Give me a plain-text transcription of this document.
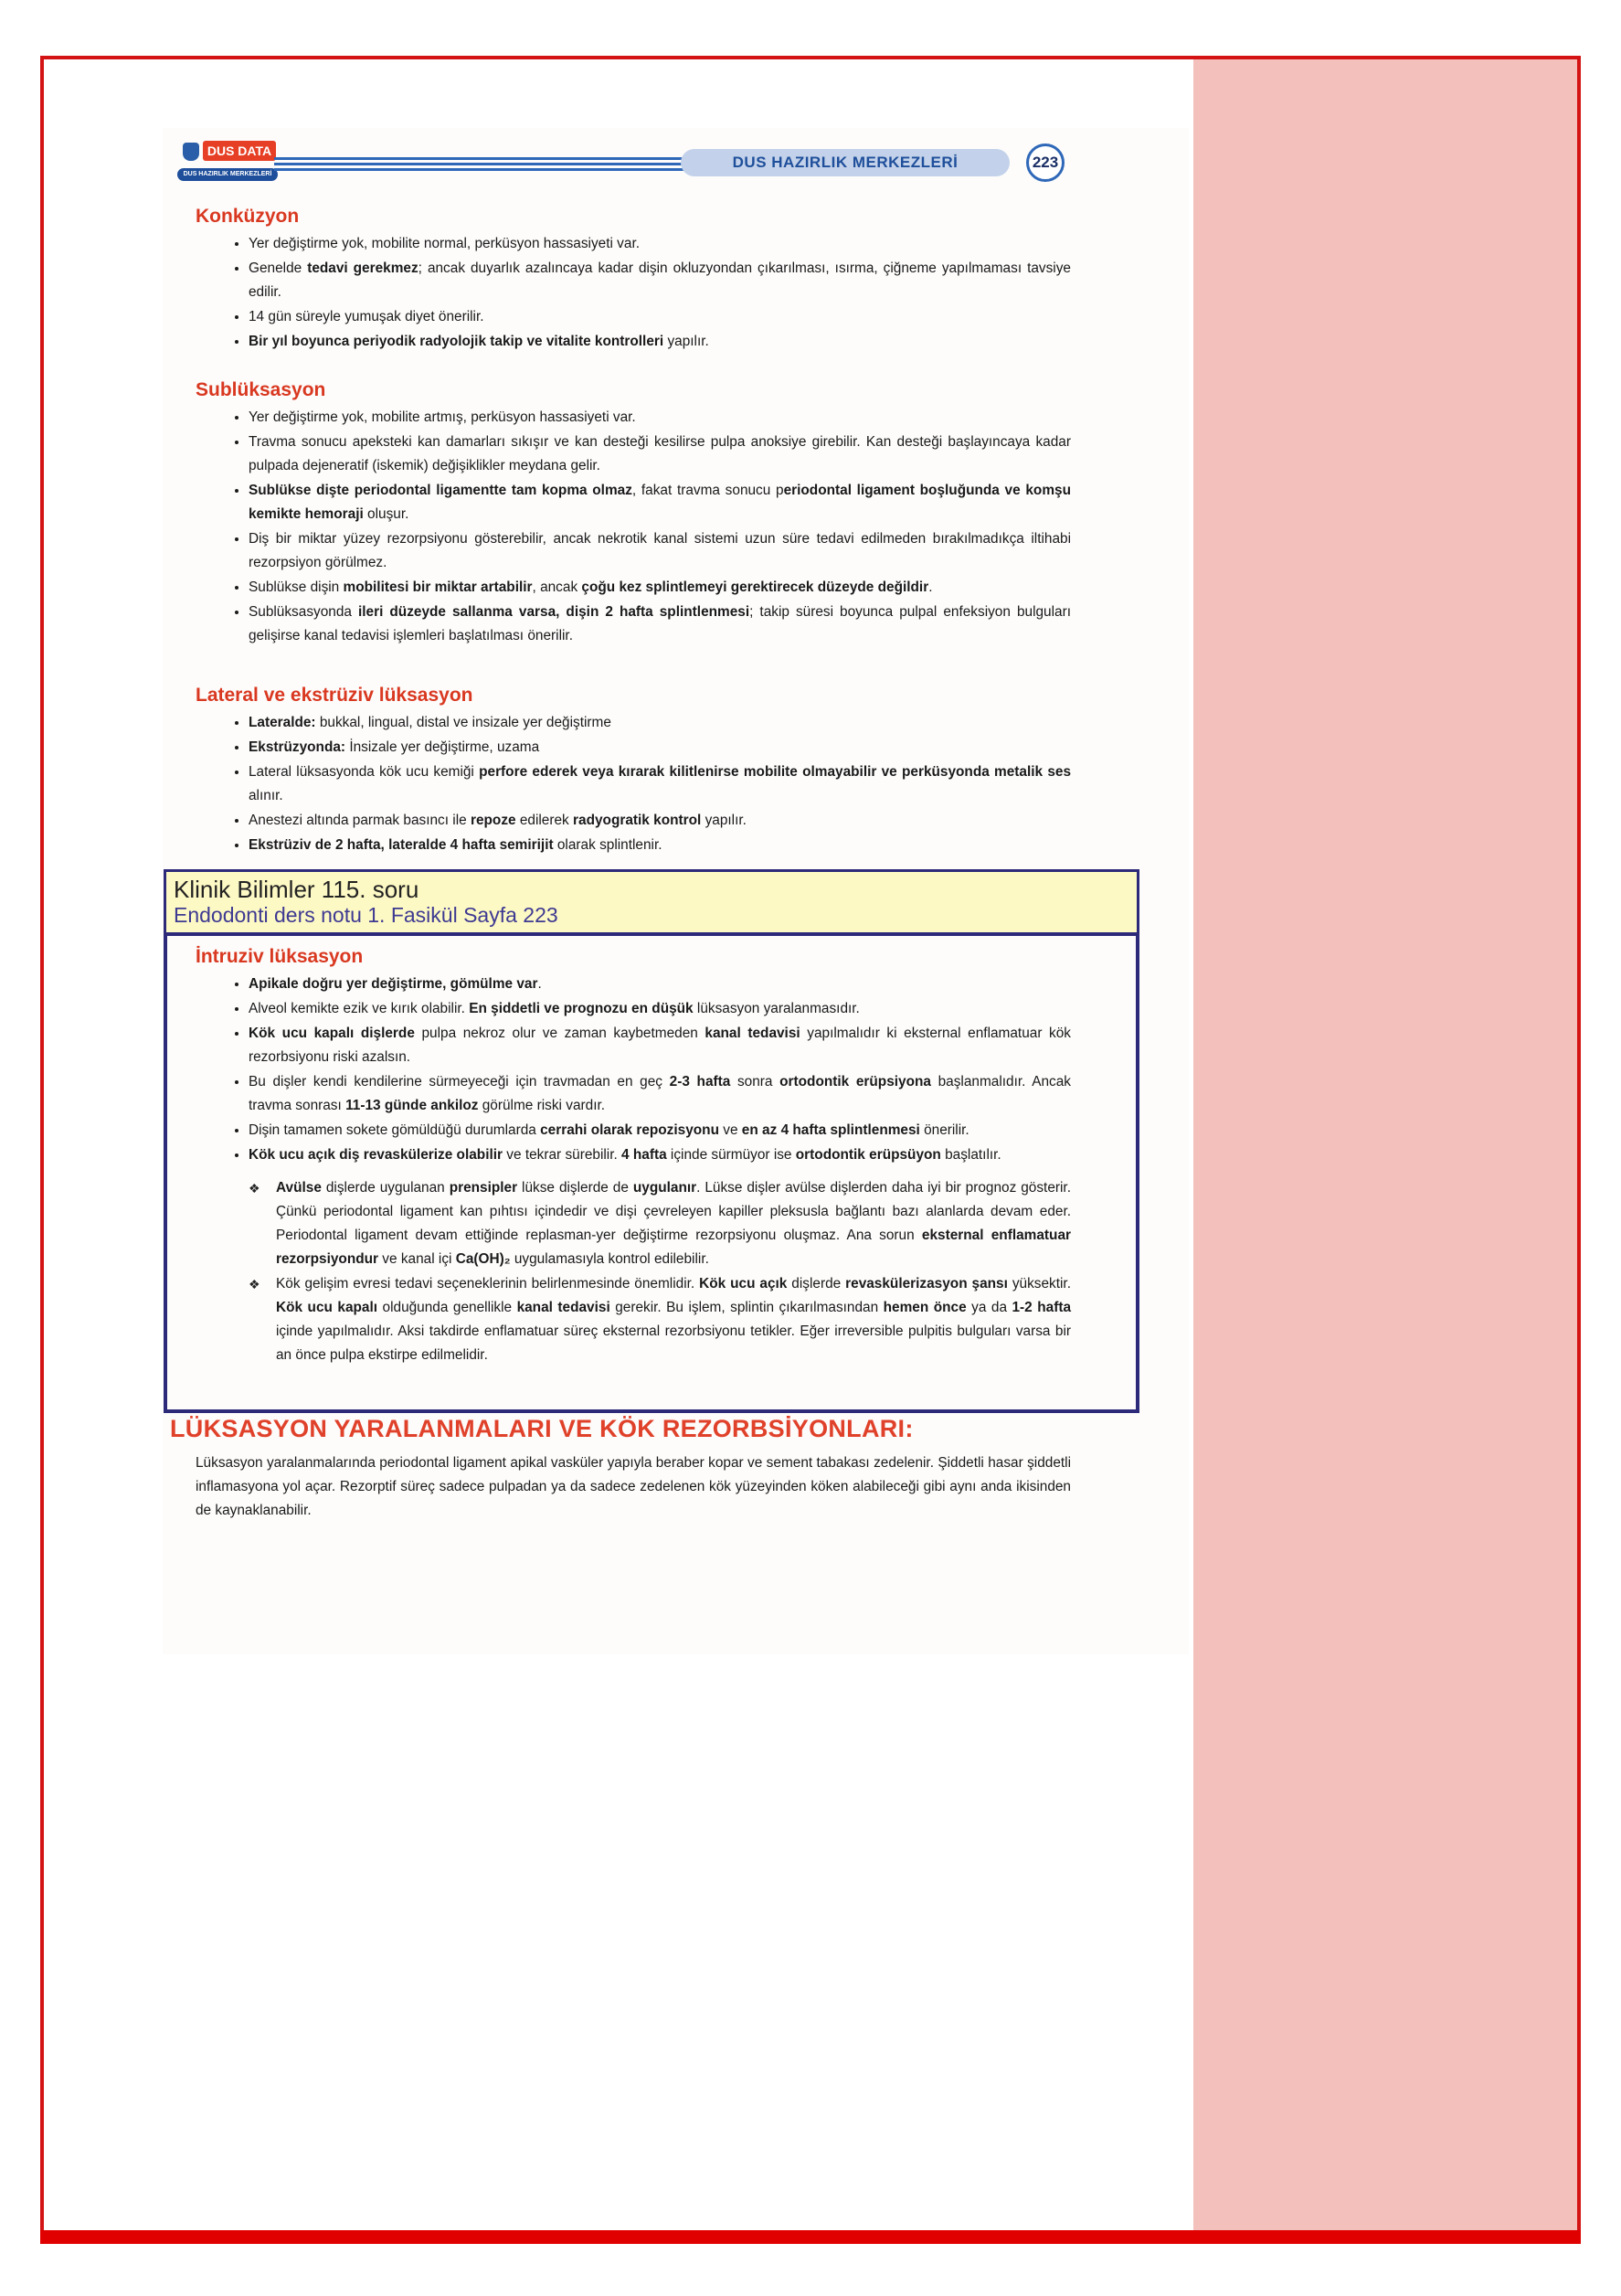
DUS DATA
DUS HAZIRLIK MERKEZLERİ
DUS HAZIRLIK MERKEZLERİ	223
Konküzyon
• Yer değiştirme yok, mobilite normal, perküsyon hassasiyeti var.
• Genelde tedavi gerekmez; ancak duyarlık azalıncaya kadar dişin okluzyondan çıkarılması, ısırma, çiğneme yapılmaması tavsiye edilir.
• 14 gün süreyle yumuşak diyet önerilir.
• Bir yıl boyunca periyodik radyolojik takip ve vitalite kontrolleri yapılır.
Sublüksasyon
• Yer değiştirme yok, mobilite artmış, perküsyon hassasiyeti var.
• Travma sonucu apeksteki kan damarları sıkışır ve kan desteği kesilirse pulpa anoksiye girebilir. Kan desteği başlayıncaya kadar pulpada dejeneratif (iskemik) değişiklikler meydana gelir.
• Sublükse dişte periodontal ligamentte tam kopma olmaz, fakat travma sonucu periodontal ligament boşluğunda ve komşu kemikte hemoraji oluşur.
• Diş bir miktar yüzey rezorpsiyonu gösterebilir, ancak nekrotik kanal sistemi uzun süre tedavi edilmeden bırakılmadıkça iltihabi rezorpsiyon görülmez.
• Sublükse dişin mobilitesi bir miktar artabilir, ancak çoğu kez splintlemeyi gerektirecek düzeyde değildir.
• Sublüksasyonda ileri düzeyde sallanma varsa, dişin 2 hafta splintlenmesi; takip süresi boyunca pulpal enfeksiyon bulguları gelişirse kanal tedavisi işlemleri başlatılması önerilir.
Lateral ve ekstrüziv lüksasyon
• Lateralde: bukkal, lingual, distal ve insizale yer değiştirme
• Ekstrüzyonda: İnsizale yer değiştirme, uzama
• Lateral lüksasyonda kök ucu kemiği perfore ederek veya kırarak kilitlenirse mobilite olmayabilir ve perküsyonda metalik ses alınır.
• Anestezi altında parmak basıncı ile repoze edilerek radyogratik kontrol yapılır.
• Ekstrüziv de 2 hafta, lateralde 4 hafta semirijit olarak splintlenir.
İntruziv lüksasyon
• Apikale doğru yer değiştirme, gömülme var.
• Alveol kemikte ezik ve kırık olabilir. En şiddetli ve prognozu en düşük lüksasyon yaralanmasıdır.
• Kök ucu kapalı dişlerde pulpa nekroz olur ve zaman kaybetmeden kanal tedavisi yapılmalıdır ki eksternal enflamatuar kök rezorbsiyonu riski azalsın.
• Bu dişler kendi kendilerine sürmeyeceği için travmadan en geç 2-3 hafta sonra ortodontik erüpsiyona başlanmalıdır. Ancak travma sonrası 11-13 günde ankiloz görülme riski vardır.
• Dişin tamamen sokete gömüldüğü durumlarda cerrahi olarak repozisyonu ve en az 4 hafta splintlenmesi önerilir.
• Kök ucu açık diş revaskülerize olabilir ve tekrar sürebilir. 4 hafta içinde sürmüyor ise ortodontik erüpsüyon başlatılır.
❖ Avülse dişlerde uygulanan prensipler lükse dişlerde de uygulanır. Lükse dişler avülse dişlerden daha iyi bir prognoz gösterir. Çünkü periodontal ligament kan pıhtısı içindedir ve dişi çevreleyen kapiller pleksusla bağlantı bazı alanlarda devam eder. Periodontal ligament devam ettiğinde replasman-yer değiştirme rezorpsiyonu oluşmaz. Ana sorun eksternal enflamatuar rezorpsiyondur ve kanal içi Ca(OH)₂ uygulamasıyla kontrol edilebilir.
❖ Kök gelişim evresi tedavi seçeneklerinin belirlenmesinde önemlidir. Kök ucu açık dişlerde revaskülerizasyon şansı yüksektir. Kök ucu kapalı olduğunda genellikle kanal tedavisi gerekir. Bu işlem, splintin çıkarılmasından hemen önce ya da 1-2 hafta içinde yapılmalıdır. Aksi takdirde enflamatuar süreç eksternal rezorbsiyonu tetikler. Eğer irreversible pulpitis bulguları varsa bir an önce pulpa ekstirpe edilmelidir.
Klinik Bilimler 115. soru
Endodonti ders notu 1. Fasikül Sayfa 223
LÜKSASYON YARALANMALARI VE KÖK REZORBSİYONLARI:

Lüksasyon yaralanmalarında periodontal ligament apikal vasküler yapıyla beraber kopar ve sement tabakası zedelenir. Şiddetli hasar şiddetli inflamasyona yol açar. Rezorptif süreç sadece pulpadan ya da sadece zedelenen kök yüzeyinden köken alabileceği gibi aynı anda ikisinden de kaynaklanabilir.
